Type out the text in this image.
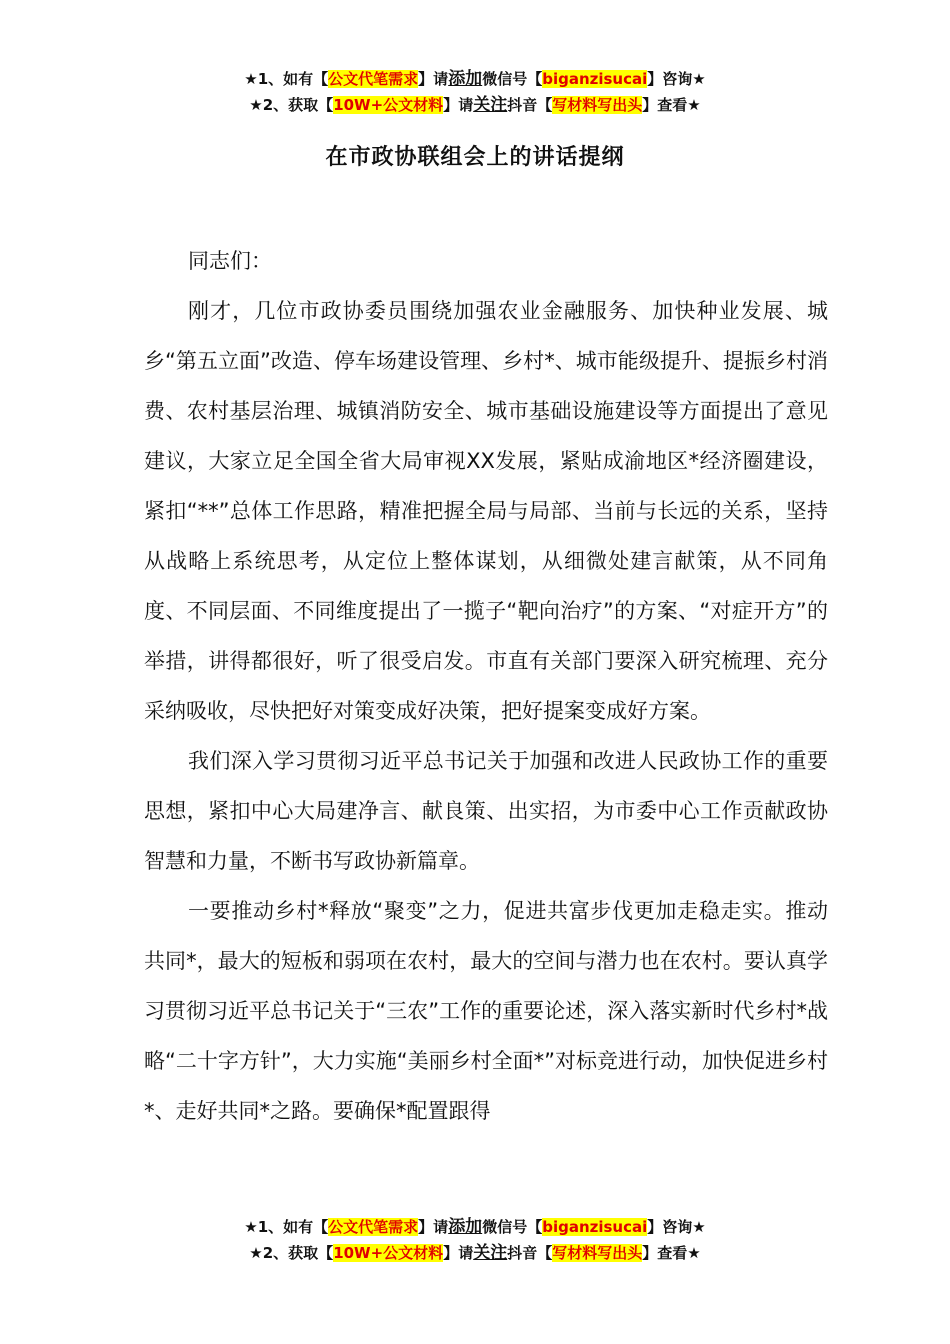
★1、如有【公文代笔需求】请添加微信号【biganzisucai】咨询★
★2、获取【10W+公文材料】请关注抖音【写材料写出头】查看★
在市政协联组会上的讲话提纲

同志们：

刚才，几位市政协委员围绕加强农业金融服务、加快种业发展、城乡“第五立面”改造、停车场建设管理、乡村*、城市能级提升、提振乡村消费、农村基层治理、城镇消防安全、城市基础设施建设等方面提出了意见建议，大家立足全国全省大局审视XX发展，紧贴成渝地区*经济圈建设，紧扣“**”总体工作思路，精准把握全局与局部、当前与长远的关系，坚持从战略上系统思考，从定位上整体谋划，从细微处建言献策，从不同角度、不同层面、不同维度提出了一揽子“靶向治疗”的方案、“对症开方”的举措，讲得都很好，听了很受启发。市直有关部门要深入研究梳理、充分采纳吸收，尽快把好对策变成好决策，把好提案变成好方案。

我们深入学习贯彻习近平总书记关于加强和改进人民政协工作的重要思想，紧扣中心大局建净言、献良策、出实招，为市委中心工作贡献政协智慧和力量，不断书写政协新篇章。

一要推动乡村*释放“聚变”之力，促进共富步伐更加走稳走实。推动共同*，最大的短板和弱项在农村，最大的空间与潜力也在农村。要认真学习贯彻习近平总书记关于“三农”工作的重要论述，深入落实新时代乡村*战略“二十字方针”，大力实施“美丽乡村全面*”对标竞进行动，加快促进乡村*、走好共同*之路。要确保*配置跟得

★1、如有【公文代笔需求】请添加微信号【biganzisucai】咨询★
★2、获取【10W+公文材料】请关注抖音【写材料写出头】查看★
